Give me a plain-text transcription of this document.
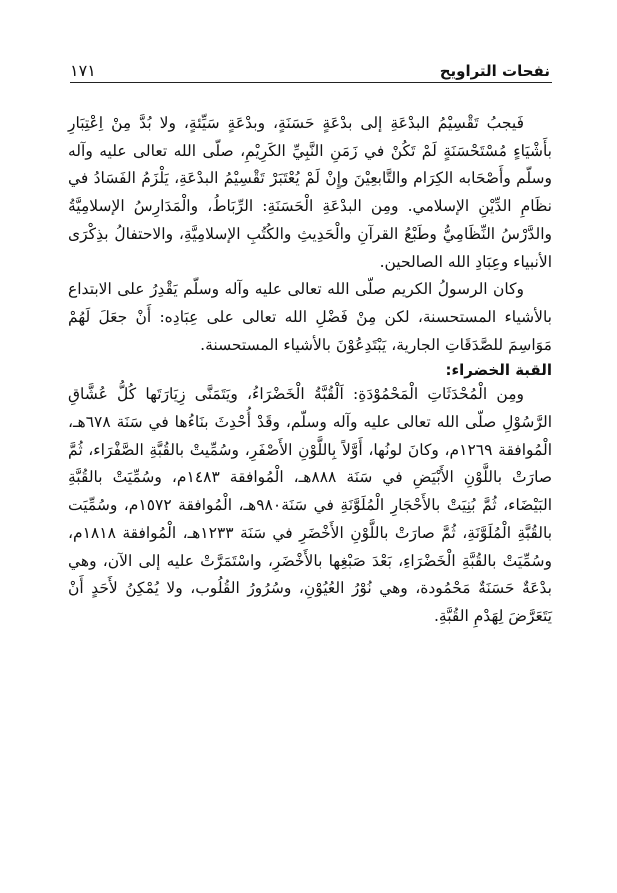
نفحات التراويح
١٧١

فَيجبُ تَقْسِيْمُ البدْعَةِ إلى بدْعَةٍ حَسَنَةٍ، وبدْعَةٍ سَيِّئةٍ، ولا بُدَّ مِنْ اِعْتِبَارِ بأَشْيَاءٍ مُسْتَحْسَنَةٍ لَمْ تَكُنْ في زَمَنِ النَّبِيِّ الكَرِيْمِ، صلّى الله تعالى عليه وآله وسلّم وأَصْحَابه الكِرَام والتَّابعِيْنَ وإِنْ لَمْ يُعْتَبَرْ تَقْسِيْمُ البدْعَةِ، يَلْزَمُ الفَسَادُ في نظَامِ الدِّيْنِ الإسلامي. ومِن البدْعَةِ الْحَسَنَةِ: الرِّبَاطُ، والْمَدَارِسُ الإسلامِيَّةُ والدَّرْسُ النِّظَامِيُّ وطَبْعُ القرآنِ والْحَدِيثِ والكُتُبِ الإسلامِيَّةِ، والاحتفالُ بذِكْرَى الأنبياء وعِبَادِ الله الصالحين.

وكان الرسولُ الكريم صلّى الله تعالى عليه وآله وسلّم يَقْدِرُ على الابتداع بالأشياء المستحسنة، لكن مِنْ فَضْلِ الله تعالى على عِبَادِه: أَنْ جعَلَ لَهُمْ مَوَاسِمَ للصَّدَقَاتِ الجارية، يَبْتَدِعُوْنَ بالأشياء المستحسنة.

القبة الخضراء:

ومِن الْمُحْدَثَاتِ الْمَحْمُوْدَةِ: اَلْقُبَّةُ الْخَضْرَاءُ، ويَتَمَنَّى زِيَارَتَها كُلُّ عُشَّاقِ الرَّسُوْلِ صلّى الله تعالى عليه وآله وسلّم، وقَدْ أُحْدِثَ بنَاءُها في سَنَة ٦٧٨هـ، الْمُوافقة ١٢٦٩م، وكانَ لونُها، أَوَّلاً بِاللَّوْنِ الأَصْفَرِ، وسُمِّيتْ بالقُبَّةِ الصَّفْرَاء، ثُمَّ صارَتْ باللَّوْنِ الأَبْيَضِ في سَنَة ٨٨٨هـ، الْمُوافقة ١٤٨٣م، وسُمِّيَتْ بالقُبَّةِ البَيْضَاء، ثُمَّ بُنِيَتْ بالأَحْجَارِ الْمُلَوَّنَةِ في سَنَة٩٨٠هـ، الْمُوافقة ١٥٧٢م، وسُمِّيَت بالقُبَّةِ الْمُلَوَّنَةِ، ثُمَّ صارَتْ باللَّوْنِ الأَخْضَرِ في سَنَة ١٢٣٣هـ، الْمُوافقة ١٨١٨م، وسُمِّيَتْ بالقُبَّةِ الْخَضْرَاءِ، بَعْدَ صَبْغِها بالأَخْضَرِ، واسْتَمَرَّتْ عليه إلى الآن، وهي بدْعَةٌ حَسَنَةٌ مَحْمُودة، وهي نُوْرُ العُيُوْنِ، وسُرُورُ القُلُوب، ولا يُمْكِنُ لأَحَدٍ أَنْ يَتَعَرَّضَ لِهَدْمِ القُبَّةِ.
